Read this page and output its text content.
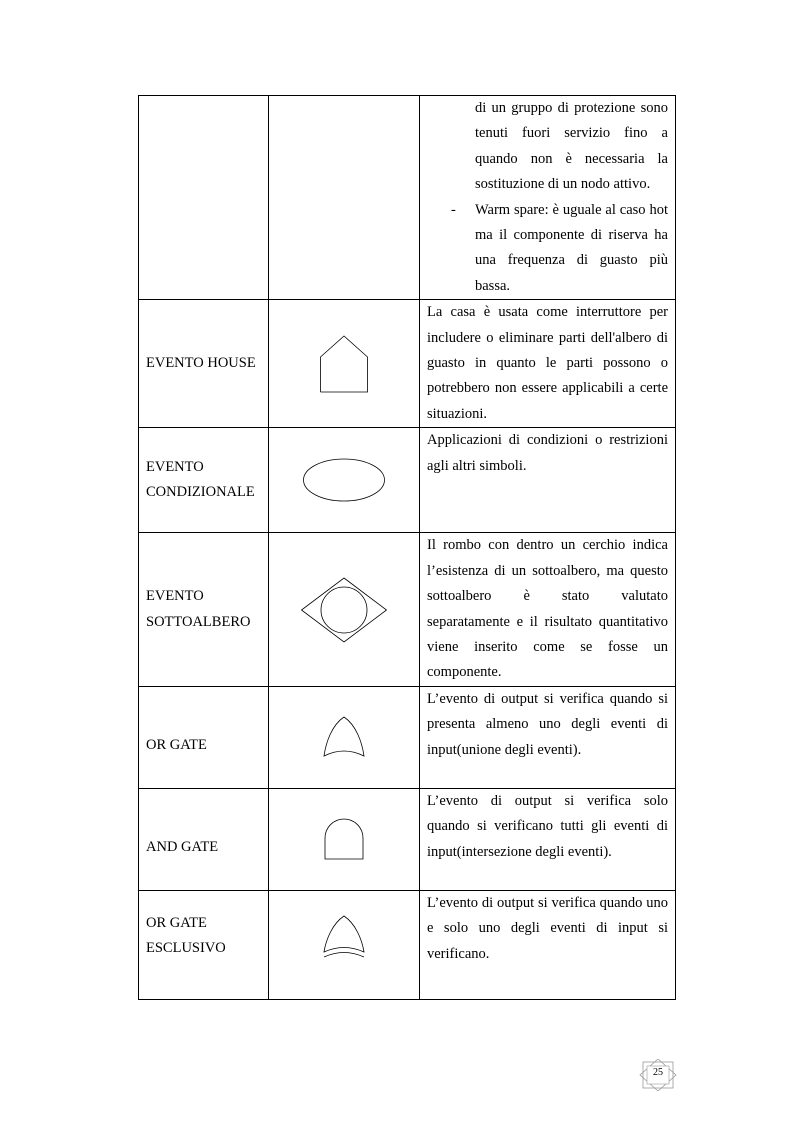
		di un gruppo di protezione sono tenuti fuori servizio fino a quando non è necessaria la sostituzione di un nodo attivo.
- Warm spare: è uguale al caso hot ma il componente di riserva ha una frequenza di guasto più bassa.

EVENTO HOUSE		La casa è usata come interruttore per includere o eliminare parti dell'albero di guasto in quanto le parti possono o potrebbero non essere applicabili a certe situazioni.

EVENTO
CONDIZIONALE		Applicazioni di condizioni o restrizioni agli altri simboli.

EVENTO
SOTTOALBERO		Il rombo con dentro un cerchio indica l’esistenza di un sottoalbero, ma questo sottoalbero è stato valutato separatamente e il risultato quantitativo viene inserito come se fosse un componente.

OR GATE		L’evento di output si verifica quando si presenta almeno uno degli eventi di input(unione degli eventi).

AND GATE		L’evento di output si verifica solo quando si verificano tutti gli eventi di input(intersezione degli eventi).

OR GATE
ESCLUSIVO		L’evento di output si verifica quando uno e solo uno degli eventi di input si verificano.
25
